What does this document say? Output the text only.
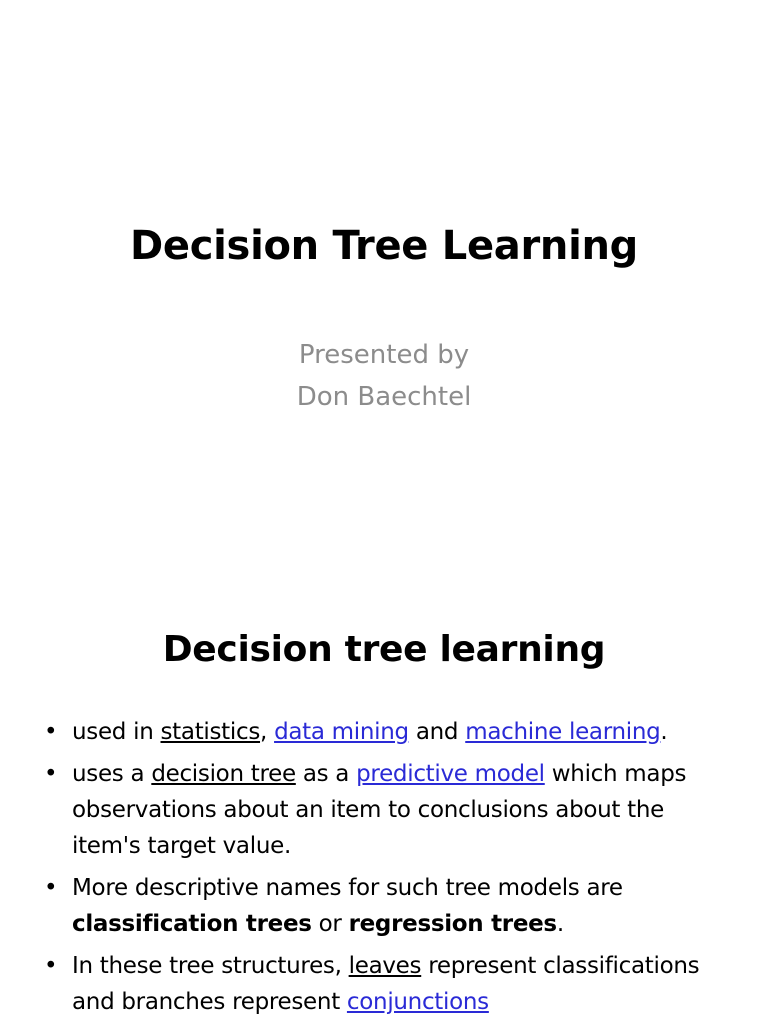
Decision Tree Learning
Presented by
Don Baechtel
Decision tree learning
• used in statistics, data mining and machine learning.
• uses a decision tree as a predictive model which maps observations about an item to conclusions about the item's target value.
• More descriptive names for such tree models are classification trees or regression trees.
• In these tree structures, leaves represent classifications and branches represent conjunctions
